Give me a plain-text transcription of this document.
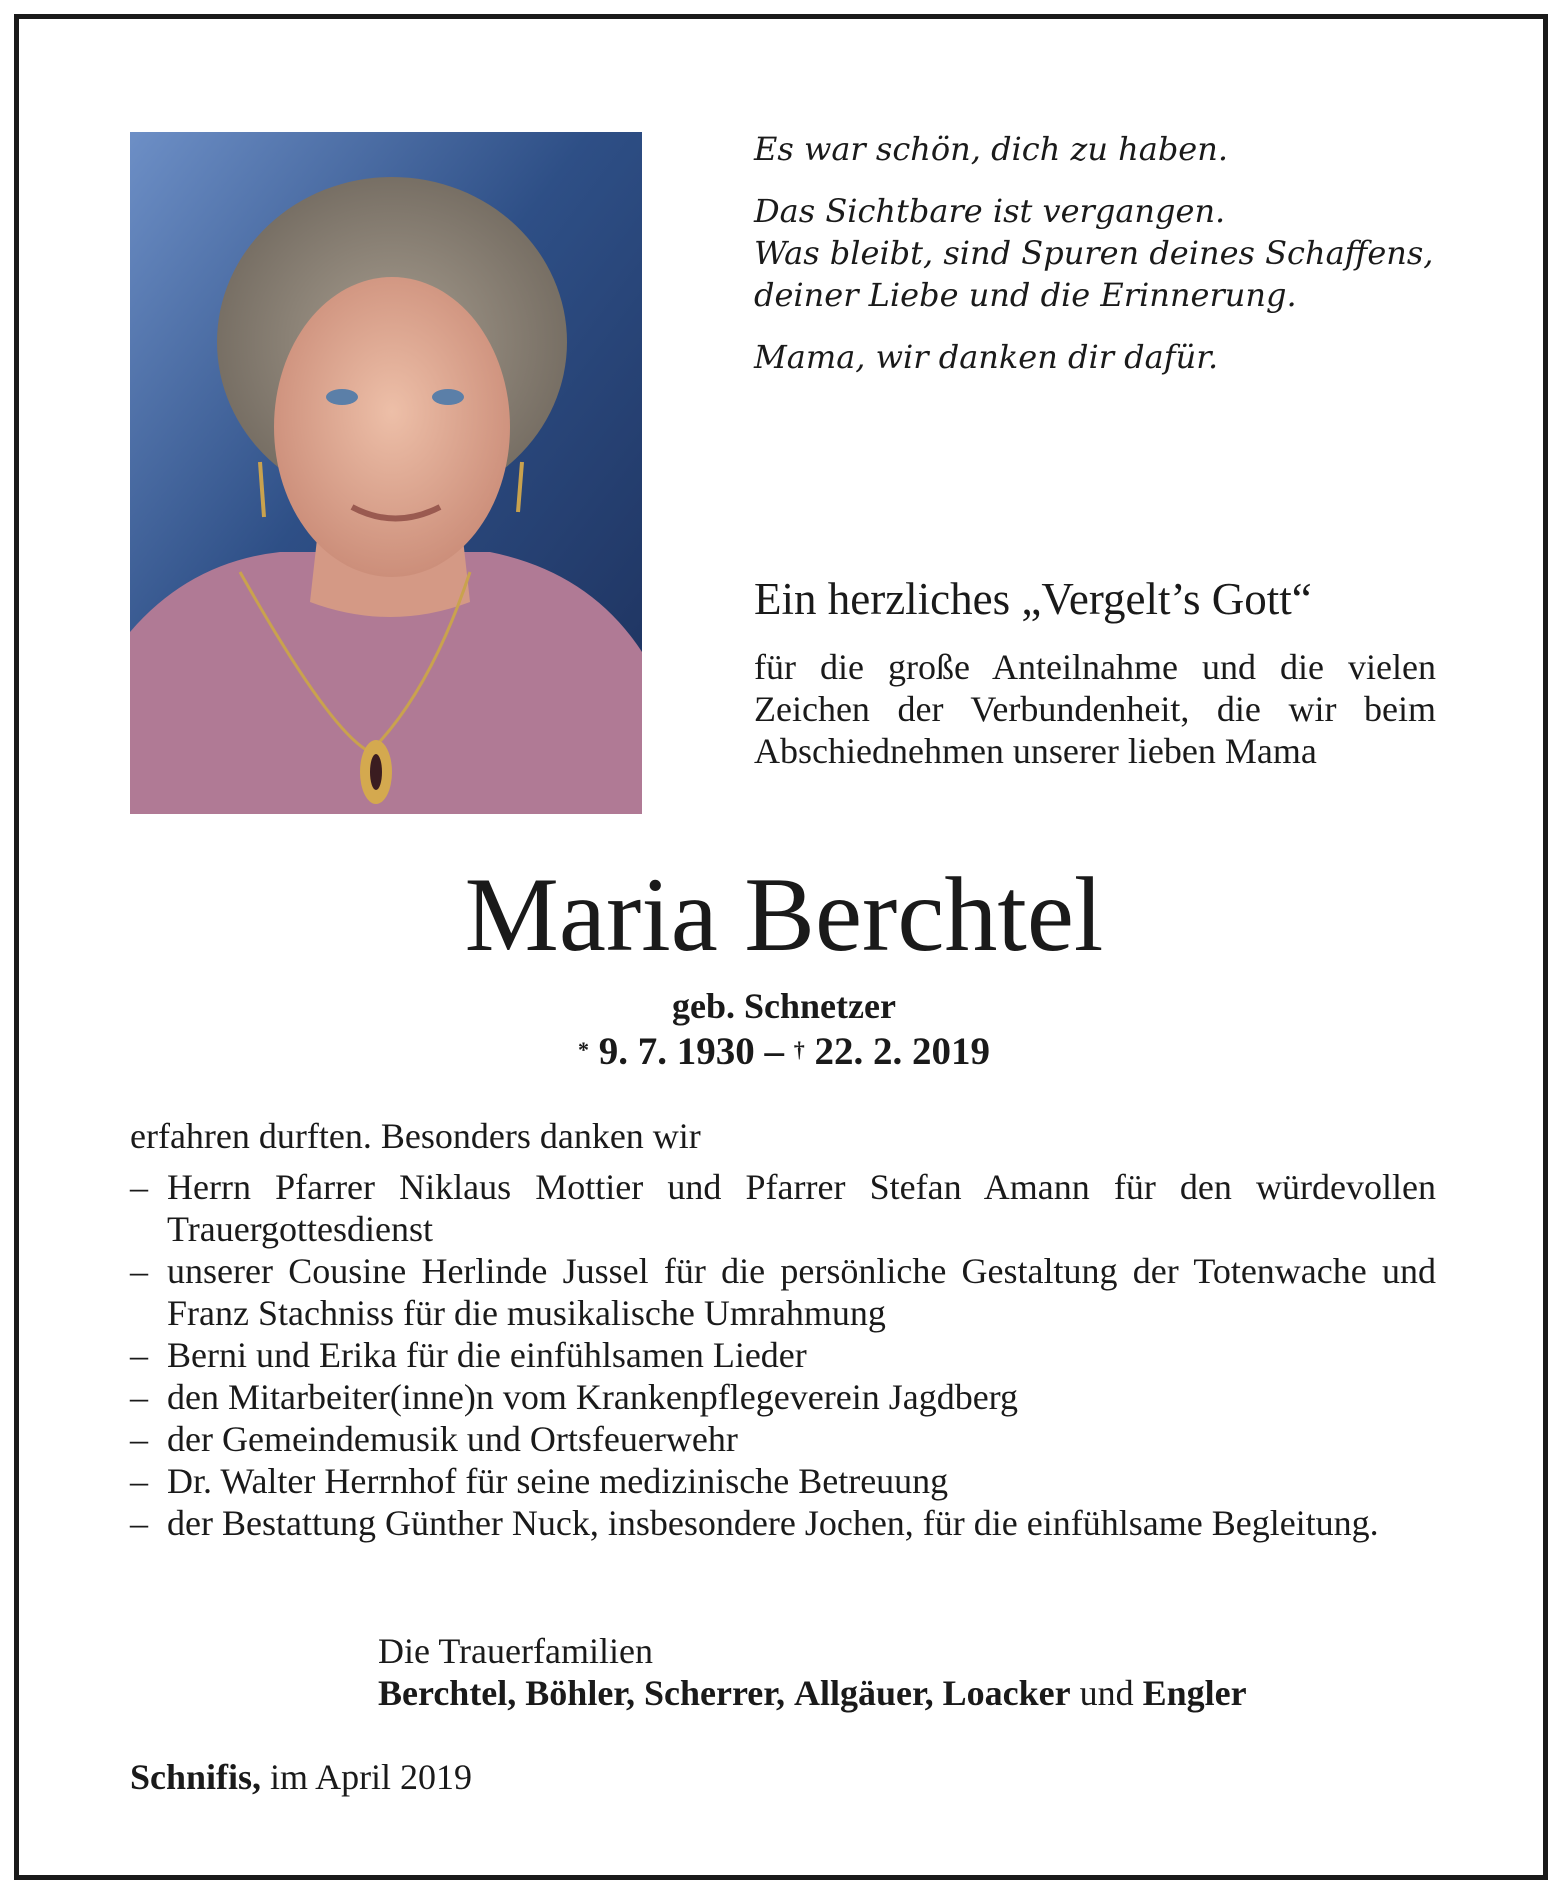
Es war schön, dich zu haben.

Das Sichtbare ist vergangen.
Was bleibt, sind Spuren deines Schaffens,
deiner Liebe und die Erinnerung.

Mama, wir danken dir dafür.

Ein herzliches „Vergelt’s Gott“
für die große Anteilnahme und die vielen Zeichen der Verbundenheit, die wir beim Abschiednehmen unserer lieben Mama
Maria Berchtel
geb. Schnetzer
* 9. 7. 1930 – † 22. 2. 2019
erfahren durften. Besonders danken wir
– Herrn Pfarrer Niklaus Mottier und Pfarrer Stefan Amann für den würdevollen Trauergottesdienst
– unserer Cousine Herlinde Jussel für die persönliche Gestaltung der Totenwache und Franz Stachniss für die musikalische Umrahmung
– Berni und Erika für die einfühlsamen Lieder
– den Mitarbeiter(inne)n vom Krankenpflegeverein Jagdberg
– der Gemeindemusik und Ortsfeuerwehr
– Dr. Walter Herrnhof für seine medizinische Betreuung
– der Bestattung Günther Nuck, insbesondere Jochen, für die einfühlsame Begleitung.
Die Trauerfamilien
Berchtel, Böhler, Scherrer, Allgäuer, Loacker und Engler
Schnifis, im April 2019
